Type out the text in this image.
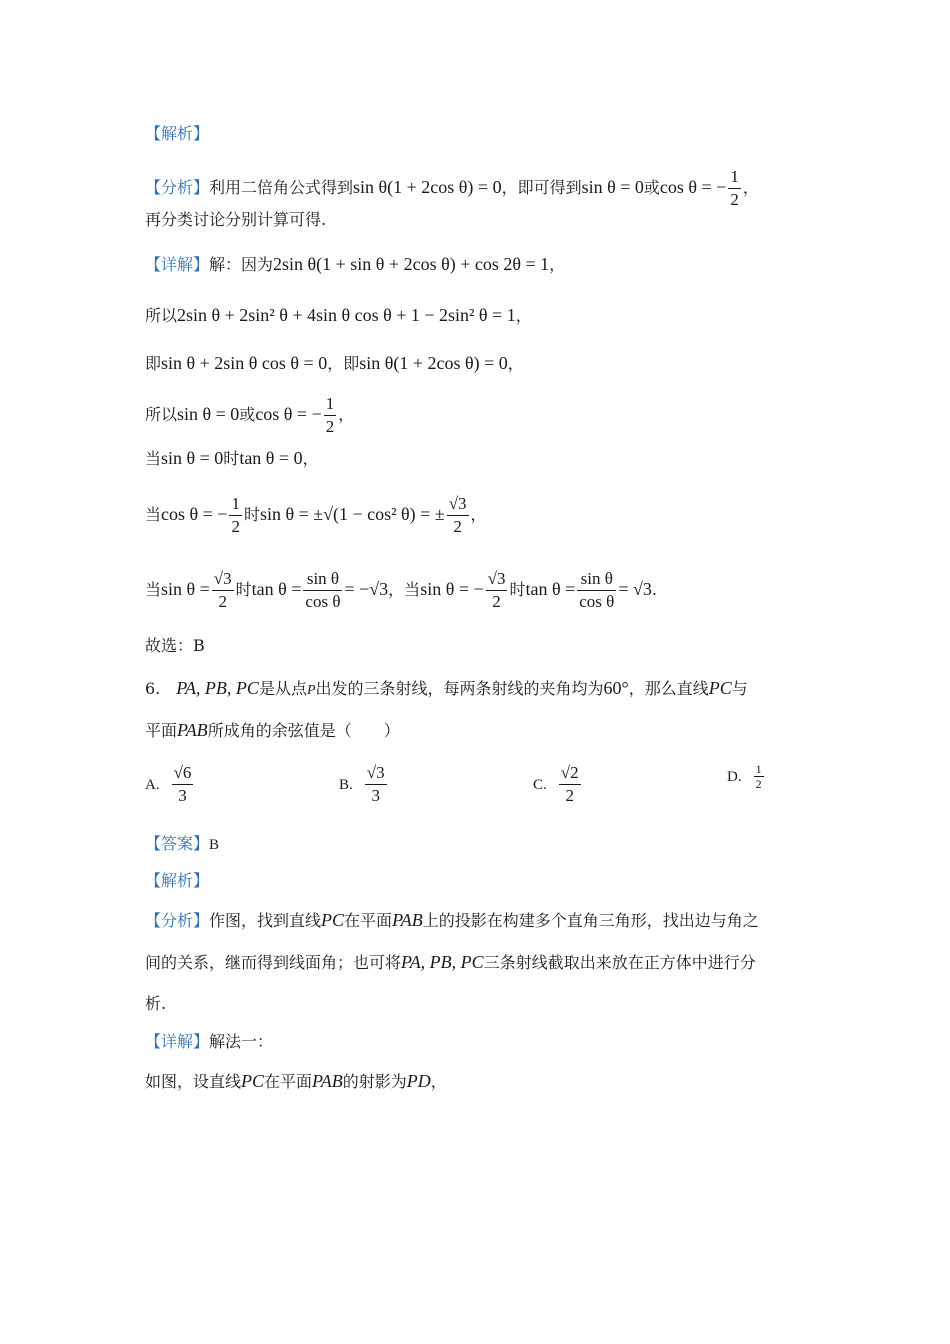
【解析】
【分析】利用二倍角公式得到sin θ(1 + 2cos θ) = 0，即可得到sin θ = 0或cos θ = − $\frac{1}{2}$ ，
再分类讨论分别计算可得.
【详解】解：因为2sin θ(1 + sin θ + 2cos θ) + cos 2θ = 1，
所以2sin θ + 2sin² θ + 4sin θ cos θ + 1 − 2sin² θ = 1，
即sin θ + 2sin θ cos θ = 0，即sin θ(1 + 2cos θ) = 0，
所以sin θ = 0或cos θ = − $\frac{1}{2}$ ，
当sin θ = 0时tan θ = 0，
当cos θ = − $\frac{1}{2}$ 时sin θ = ±√(1 − cos² θ) = ± $\frac{√3}{2}$ ，
当$\sin \theta = \frac{√3}{2}$ 时$\tan \theta = \frac{\text{sin θ}}{\text{cos θ}} = -√3$，当sin θ = − $\frac{√3}{2}$ 时$\tan \theta = \frac{\text{sin θ}}{\text{cos θ}} = √3$.
故选：B
6. PA, PB, PC是从点P出发的三条射线，每两条射线的夹角均为60°，那么直线PC与
平面PAB所成角的余弦值是（　　）
A. $\frac{√6}{3}$	B. $\frac{√3}{3}$	C. $\frac{√2}{2}$	D. $\frac{1}{2}$
【答案】B
【解析】
【分析】作图，找到直线PC在平面PAB上的投影在构建多个直角三角形，找出边与角之
间的关系，继而得到线面角；也可将PA, PB, PC三条射线截取出来放在正方体中进行分
析.
【详解】解法一：
如图，设直线PC在平面PAB的射影为PD，
